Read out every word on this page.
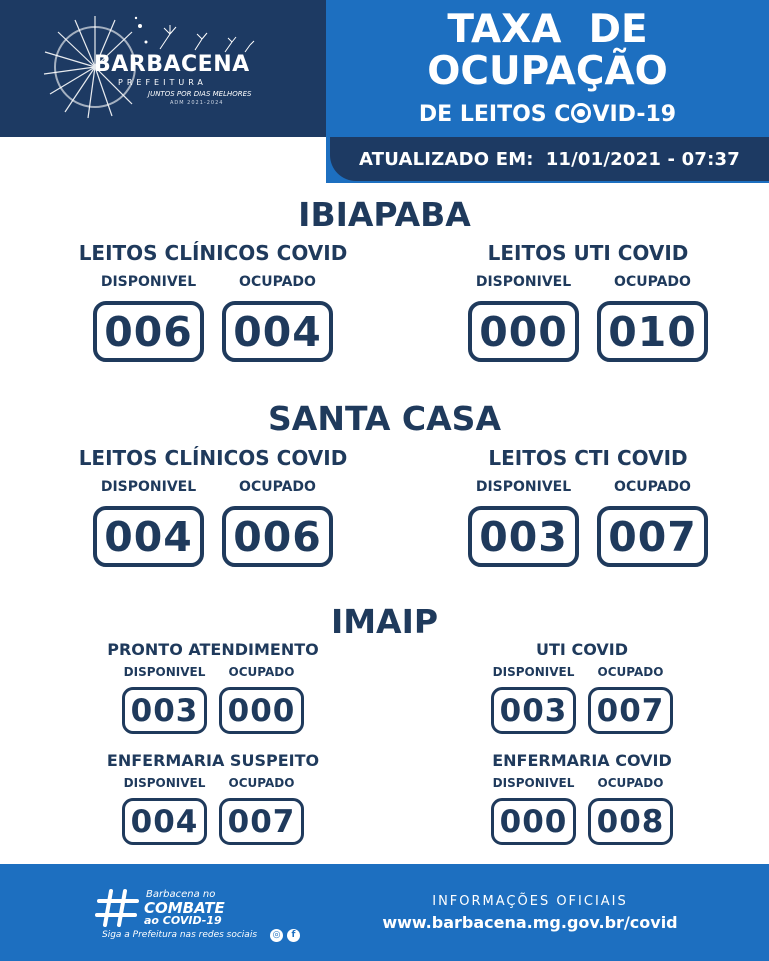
BARBACENA
PREFEITURA
JUNTOS POR DIAS MELHORES
ADM 2021-2024
TAXA  DE
OCUPAÇÃO
DE LEITOS C VID-19
ATUALIZADO EM: 11/01/2021 - 07:37
IBIAPABA
LEITOS CLÍNICOS COVID
DISPONIVEL
006
OCUPADO
004
LEITOS UTI COVID
DISPONIVEL
000
OCUPADO
010
SANTA CASA
LEITOS CLÍNICOS COVID
DISPONIVEL
004
OCUPADO
006
LEITOS CTI COVID
DISPONIVEL
003
OCUPADO
007
IMAIP
PRONTO ATENDIMENTO
DISPONIVEL
003
OCUPADO
000
UTI COVID
DISPONIVEL
003
OCUPADO
007
ENFERMARIA SUSPEITO
DISPONIVEL
004
OCUPADO
007
ENFERMARIA COVID
DISPONIVEL
000
OCUPADO
008
Barbacena no
COMBATE
ao COVID-19
Siga a Prefeitura nas redes sociais ◎	f
INFORMAÇÕES OFICIAIS
www.barbacena.mg.gov.br/covid
